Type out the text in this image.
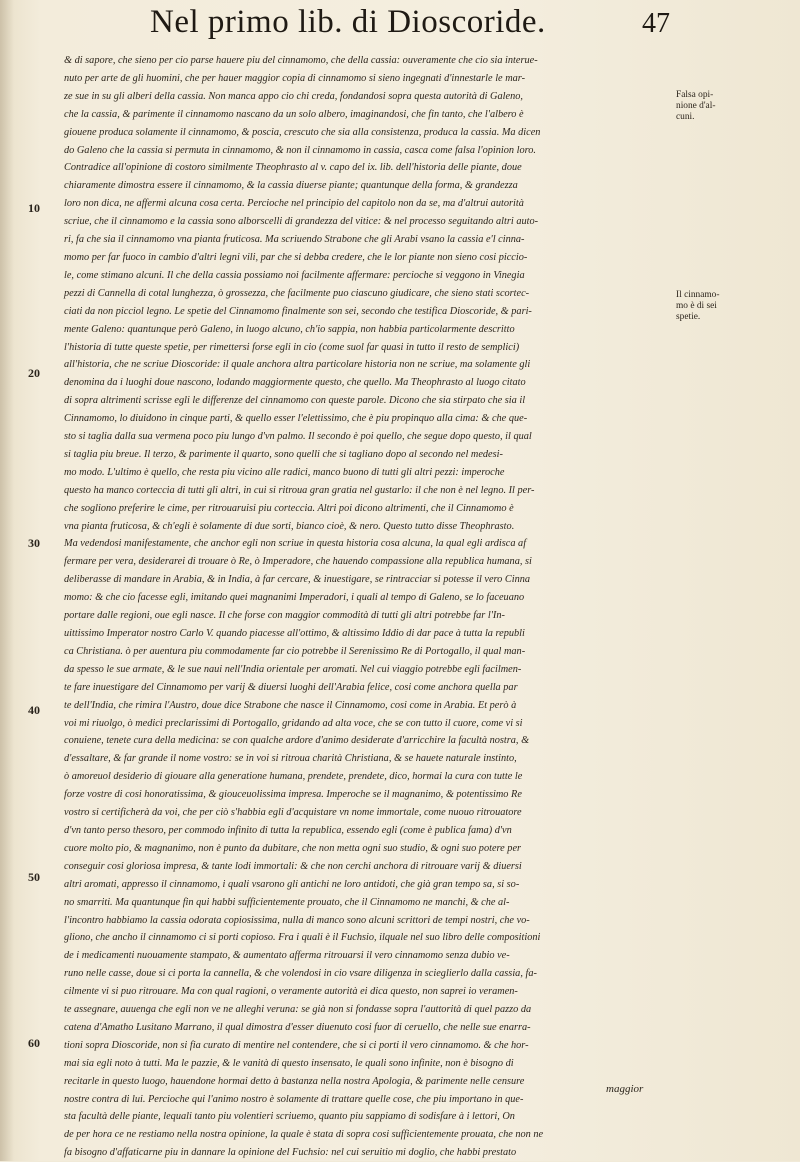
Nel primo lib. di Dioscoride.	47

& di sapore, che sieno per cio parse hauere piu del cinnamomo, che della cassia: ouveramente che cio sia interue-

nuto per arte de gli huomini, che per hauer maggior copia di cinnamomo si sieno ingegnati d'innestarle le mar-

ze sue in su gli alberi della cassia. Non manca appo cio chi creda, fondandosi sopra questa autorità di Galeno,

che la cassia, & parimente il cinnamomo nascano da un solo albero, imaginandosi, che fin tanto, che l'albero è

giouene produca solamente il cinnamomo, & poscia, crescuto che sia alla consistenza, produca la cassia. Ma dicen

do Galeno che la cassia si permuta in cinnamomo, & non il cinnamomo in cassia, casca come falsa l'opinion loro.

Contradice all'opinione di costoro similmente Theophrasto al v. capo del ix. lib. dell'historia delle piante, doue

chiaramente dimostra essere il cinnamomo, & la cassia diuerse piante; quantunque della forma, & grandezza

loro non dica, ne affermi alcuna cosa certa. Percioche nel principio del capitolo non da se, ma d'altrui autorità

scriue, che il cinnamomo e la cassia sono alborscelli di grandezza del vitice: & nel processo seguitando altri auto-

ri, fa che sia il cinnamomo vna pianta fruticosa. Ma scriuendo Strabone che gli Arabi vsano la cassia e'l cinna-

momo per far fuoco in cambio d'altri legni vili, par che si debba credere, che le lor piante non sieno cosi piccio-

le, come stimano alcuni. Il che della cassia possiamo noi facilmente affermare: percioche si veggono in Vinegia

pezzi di Cannella di cotal lunghezza, ò grossezza, che facilmente puo ciascuno giudicare, che sieno stati scortec-

ciati da non picciol legno. Le spetie del Cinnamomo finalmente son sei, secondo che testifica Dioscoride, & pari-

mente Galeno: quantunque però Galeno, in luogo alcuno, ch'io sappia, non habbia particolarmente descritto

l'historia di tutte queste spetie, per rimettersi forse egli in cio (come suol far quasi in tutto il resto de semplici)

all'historia, che ne scriue Dioscoride: il quale anchora altra particolare historia non ne scriue, ma solamente gli

denomina da i luoghi doue nascono, lodando maggiormente questo, che quello. Ma Theophrasto al luogo citato

di sopra altrimenti scrisse egli le differenze del cinnamomo con queste parole. Dicono che sia stirpato che sia il

Cinnamomo, lo diuidono in cinque parti, & quello esser l'elettissimo, che è piu propinquo alla cima: & che que-

sto si taglia dalla sua vermena poco piu lungo d'vn palmo. Il secondo è poi quello, che segue dopo questo, il qual

si taglia piu breue. Il terzo, & parimente il quarto, sono quelli che si tagliano dopo al secondo nel medesi-

mo modo. L'ultimo è quello, che resta piu vicino alle radici, manco buono di tutti gli altri pezzi: imperoche

questo ha manco corteccia di tutti gli altri, in cui si ritroua gran gratia nel gustarlo: il che non è nel legno. Il per-

che sogliono preferire le cime, per ritrouaruisi piu corteccia. Altri poi dicono altrimenti, che il Cinnamomo è

vna pianta fruticosa, & ch'egli è solamente di due sorti, bianco cioè, & nero. Questo tutto disse Theophrasto.

Ma vedendosi manifestamente, che anchor egli non scriue in questa historia cosa alcuna, la qual egli ardisca af

fermare per vera, desiderarei di trouare ò Re, ò Imperadore, che hauendo compassione alla republica humana, si

deliberasse di mandare in Arabia, & in India, à far cercare, & inuestigare, se rintracciar si potesse il vero Cinna

momo: & che cio facesse egli, imitando quei magnanimi Imperadori, i quali al tempo di Galeno, se lo faceuano

portare dalle regioni, oue egli nasce. Il che forse con maggior commodità di tutti gli altri potrebbe far l'In-

uittissimo Imperator nostro Carlo V. quando piacesse all'ottimo, & altissimo Iddio di dar pace à tutta la republi

ca Christiana. ò per auentura piu commodamente far cio potrebbe il Serenissimo Re di Portogallo, il qual man-

da spesso le sue armate, & le sue naui nell'India orientale per aromati. Nel cui viaggio potrebbe egli facilmen-

te fare inuestigare del Cinnamomo per varij & diuersi luoghi dell'Arabia felice, cosi come anchora quella par

te dell'India, che rimira l'Austro, doue dice Strabone che nasce il Cinnamomo, cosi come in Arabia. Et però à

voi mi riuolgo, ò medici preclarissimi di Portogallo, gridando ad alta voce, che se con tutto il cuore, come vi si

conuiene, tenete cura della medicina: se con qualche ardore d'animo desiderate d'arricchire la facultà nostra, &

d'essaltare, & far grande il nome vostro: se in voi si ritroua charità Christiana, & se hauete naturale instinto,

ò amoreuol desiderio di giouare alla generatione humana, prendete, prendete, dico, hormai la cura con tutte le

forze vostre di cosi honoratissima, & giouceuolissima impresa. Imperoche se il magnanimo, & potentissimo Re

vostro si certificherà da voi, che per ciò s'habbia egli d'acquistare vn nome immortale, come nuouo ritrouatore

d'vn tanto perso thesoro, per commodo infinito di tutta la republica, essendo egli (come è publica fama) d'vn

cuore molto pio, & magnanimo, non è punto da dubitare, che non metta ogni suo studio, & ogni suo potere per

conseguir cosi gloriosa impresa, & tante lodi immortali: & che non cerchi anchora di ritrouare varij & diuersi

altri aromati, appresso il cinnamomo, i quali vsarono gli antichi ne loro antidoti, che già gran tempo sa, si so-

no smarriti. Ma quantunque fin qui habbi sufficientemente prouato, che il Cinnamomo ne manchi, & che al-

l'incontro habbiamo la cassia odorata copiosissima, nulla di manco sono alcuni scrittori de tempi nostri, che vo-

gliono, che ancho il cinnamomo ci si porti copioso. Fra i quali è il Fuchsio, ilquale nel suo libro delle compositioni

de i medicamenti nuouamente stampato, & aumentato afferma ritrouarsi il vero cinnamomo senza dubio ve-

runo nelle casse, doue si ci porta la cannella, & che volendosi in cio vsare diligenza in scieglierlo dalla cassia, fa-

cilmente vi si puo ritrouare. Ma con qual ragioni, o veramente autorità ei dica questo, non saprei io veramen-

te assegnare, auuenga che egli non ve ne alleghi veruna: se già non si fondasse sopra l'auttorità di quel pazzo da

catena d'Amatho Lusitano Marrano, il qual dimostra d'esser diuenuto cosi fuor di ceruello, che nelle sue enarra-

tioni sopra Dioscoride, non si fia curato di mentire nel contendere, che si ci porti il vero cinnamomo. & che hor-

mai sia egli noto à tutti. Ma le pazzie, & le vanità di questo insensato, le quali sono infinite, non è bisogno di

recitarle in questo luogo, hauendone hormai detto à bastanza nella nostra Apologia, & parimente nelle censure

nostre contra di lui. Percioche qui l'animo nostro è solamente di trattare quelle cose, che piu importano in que-

sta facultà delle piante, lequali tanto piu volentieri scriuemo, quanto piu sappiamo di sodisfare à i lettori, On

de per hora ce ne restiamo nella nostra opinione, la quale è stata di sopra cosi sufficientemente prouata, che non ne

fa bisogno d'affaticarne piu in dannare la opinione del Fuchsio: nel cui seruitio mi doglio, che habbi prestato

10
20
30
40
50
60
Falsa opi-
nione d'al-
cuni.
Il cinnamo-
mo è di sei
spetie.
maggior
